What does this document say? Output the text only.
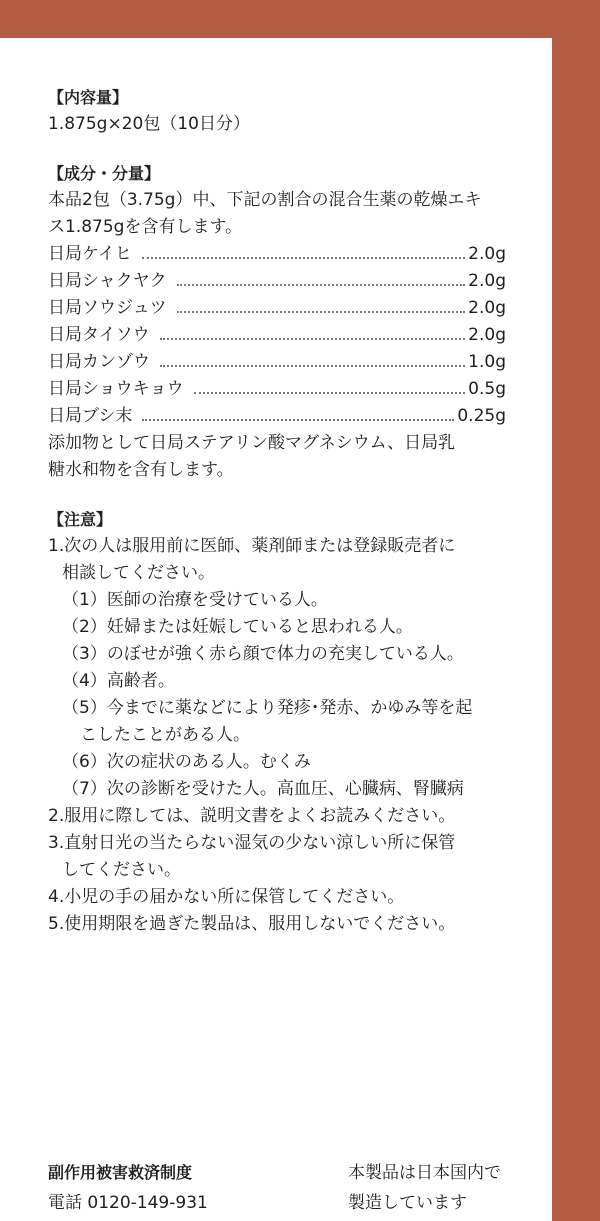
【内容量】
1.875g×20包（10日分）
【成分・分量】
本品2包（3.75g）中、下記の割合の混合生薬の乾燥エキ
ス1.875gを含有します。
日局ケイヒ	2.0g
日局シャクヤク	2.0g
日局ソウジュツ	2.0g
日局タイソウ	2.0g
日局カンゾウ	1.0g
日局ショウキョウ	0.5g
日局ブシ末	0.25g
添加物として日局ステアリン酸マグネシウム、日局乳
糖水和物を含有します。
【注意】
1.次の人は服用前に医師、薬剤師または登録販売者に
相談してください。
（1）医師の治療を受けている人。
（2）妊婦または妊娠していると思われる人。
（3）のぼせが強く赤ら顔で体力の充実している人。
（4）高齢者。
（5）今までに薬などにより発疹･発赤、かゆみ等を起
こしたことがある人。
（6）次の症状のある人。むくみ
（7）次の診断を受けた人。高血圧、心臓病、腎臓病
2.服用に際しては、説明文書をよくお読みください。
3.直射日光の当たらない湿気の少ない涼しい所に保管
してください。
4.小児の手の届かない所に保管してください。
5.使用期限を過ぎた製品は、服用しないでください。
副作用被害救済制度
電話 0120-149-931
本製品は日本国内で
製造しています
